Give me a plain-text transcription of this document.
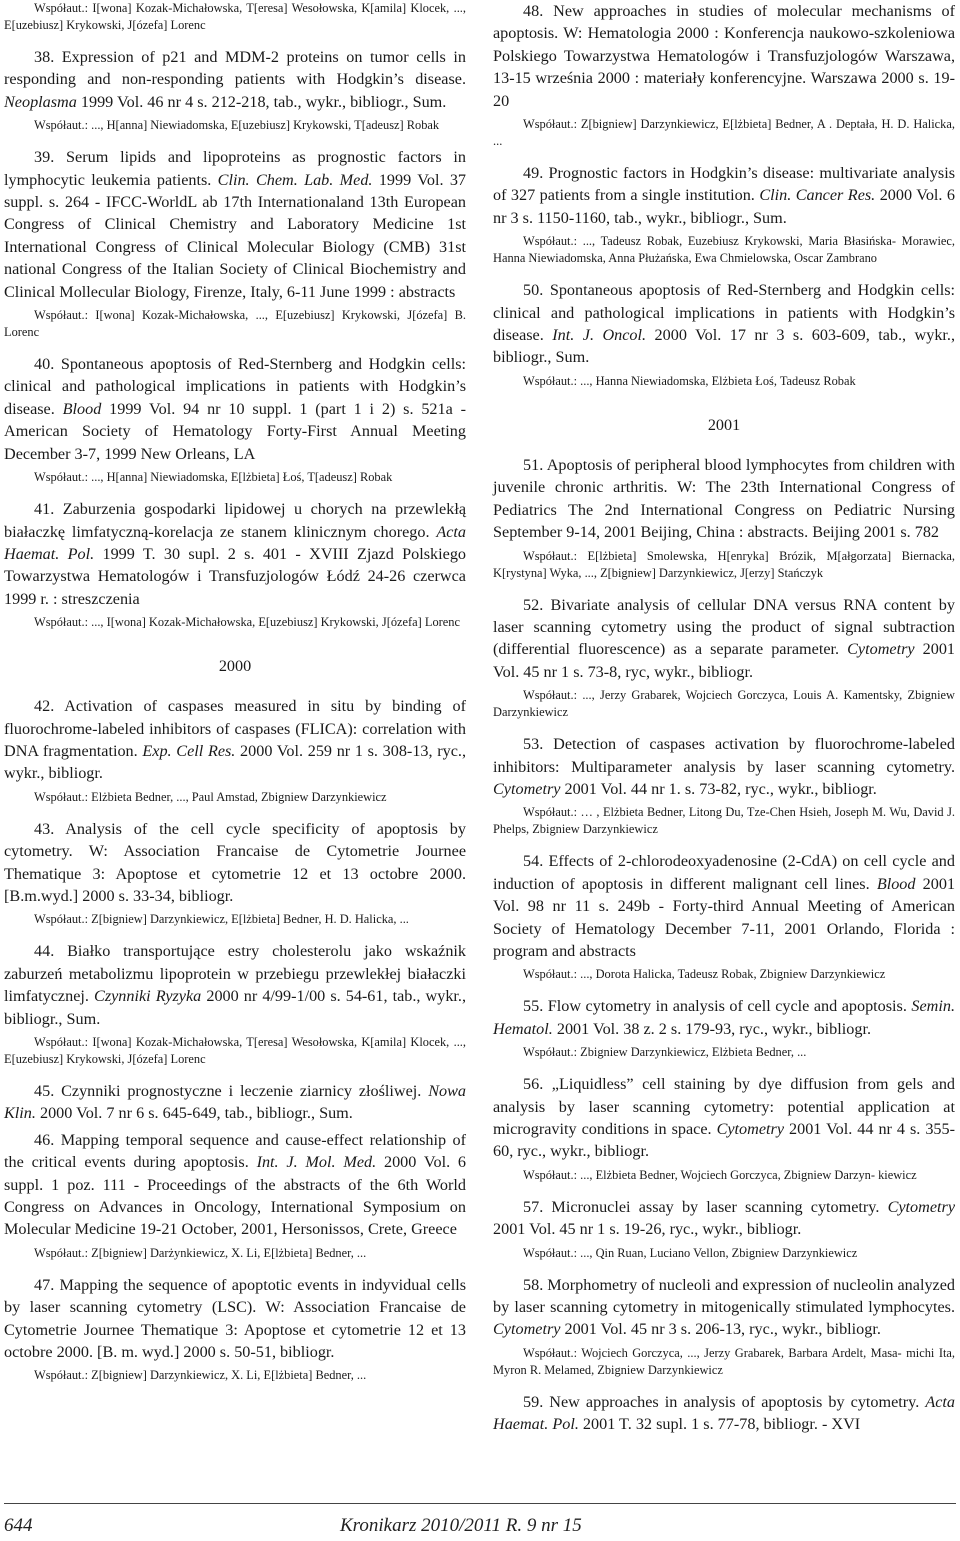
Współaut.: I[wona] Kozak-Michałowska, T[eresa] Wesołowska, K[amila] Klocek, ..., E[uzebiusz] Krykowski, J[ózefa] Lorenc

38. Expression of p21 and MDM-2 proteins on tumor cells in responding and non-responding patients with Hodgkin’s disease. Neoplasma 1999 Vol. 46 nr 4 s. 212-218, tab., wykr., bibliogr., Sum.

Współaut.: ..., H[anna] Niewiadomska, E[uzebiusz] Krykowski, T[adeusz] Robak

39. Serum lipids and lipoproteins as prognostic factors in lymphocytic leukemia patients. Clin. Chem. Lab. Med. 1999 Vol. 37 suppl. s. 264 - IFCC-WorldL ab 17th Internationaland 13th European Congress of Clinical Chemistry and Laboratory Medicine 1st International Congress of Clinical Molecular Biology (CMB) 31st national Congress of the Italian Society of Clinical Biochemistry and Clinical Mollecular Biology, Firenze, Italy, 6-11 June 1999 : abstracts

Współaut.: I[wona] Kozak-Michałowska, ..., E[uzebiusz] Krykowski, J[ózefa] B. Lorenc

40. Spontaneous apoptosis of Red-Sternberg and Hodgkin cells: clinical and pathological implications in patients with Hodgkin’s disease. Blood 1999 Vol. 94 nr 10 suppl. 1 (part 1 i 2) s. 521a - American Society of Hematology Forty-First Annual Meeting December 3-7, 1999 New Orleans, LA

Współaut.: ..., H[anna] Niewiadomska, E[lżbieta] Łoś, T[adeusz] Robak

41. Zaburzenia gospodarki lipidowej u chorych na przewlekłą białaczkę limfatyczną-korelacja ze stanem klinicznym chorego. Acta Haemat. Pol. 1999 T. 30 supl. 2 s. 401 - XVIII Zjazd Polskiego Towarzystwa Hematologów i Transfuzjologów Łódź 24-26 czerwca 1999 r. : streszczenia

Współaut.: ..., I[wona] Kozak-Michałowska, E[uzebiusz] Krykowski, J[ózefa] Lorenc

2000

42. Activation of caspases measured in situ by binding of fluorochrome-labeled inhibitors of caspases (FLICA): correlation with DNA fragmentation. Exp. Cell Res. 2000 Vol. 259 nr 1 s. 308-13, ryc., wykr., bibliogr.

Współaut.: Elżbieta Bedner, ..., Paul Amstad, Zbigniew Darzynkiewicz

43. Analysis of the cell cycle specificity of apoptosis by cytometry. W: Association Francaise de Cytometrie Journee Thematique 3: Apoptose et cytometrie 12 et 13 octobre 2000. [B.m.wyd.] 2000 s. 33-34, bibliogr.

Współaut.: Z[bigniew] Darzynkiewicz, E[lżbieta] Bedner, H. D. Halicka, ...

44. Białko transportujące estry cholesterolu jako wskaźnik zaburzeń metabolizmu lipoprotein w przebiegu przewlekłej białaczki limfatycznej. Czynniki Ryzyka 2000 nr 4/99-1/00 s. 54-61, tab., wykr., bibliogr., Sum.

Współaut.: I[wona] Kozak-Michałowska, T[eresa] Wesołowska, K[amila] Klocek, ..., E[uzebiusz] Krykowski, J[ózefa] Lorenc

45. Czynniki prognostyczne i leczenie ziarnicy złośliwej. Nowa Klin. 2000 Vol. 7 nr 6 s. 645-649, tab., bibliogr., Sum.

46. Mapping temporal sequence and cause-effect relationship of the critical events during apoptosis. Int. J. Mol. Med. 2000 Vol. 6 suppl. 1 poz. 111 - Proceedings of the abstracts of the 6th World Congress on Advances in Oncology, International Symposium on Molecular Medicine 19-21 October, 2001, Hersonissos, Crete, Greece

Współaut.: Z[bigniew] Darżynkiewicz, X. Li, E[lżbieta] Bedner, ...

47. Mapping the sequence of apoptotic events in indyvidual cells by laser scanning cytometry (LSC). W: Association Francaise de Cytometrie Journee Thematique 3: Apoptose et cytometrie 12 et 13 octobre 2000. [B. m. wyd.] 2000 s. 50-51, bibliogr.

Współaut.: Z[bigniew] Darzynkiewicz, X. Li, E[lżbieta] Bedner, ...

48. New approaches in studies of molecular mechanisms of apoptosis. W: Hematologia 2000 : Konferencja naukowo-szkoleniowa Polskiego Towarzystwa Hematologów i Transfuzjologów Warszawa, 13-15 września 2000 : materiały konferencyjne. Warszawa 2000 s. 19-20

Współaut.: Z[bigniew] Darzynkiewicz, E[lżbieta] Bedner, A . Deptała, H. D. Halicka, ...

49. Prognostic factors in Hodgkin’s disease: multivariate analysis of 327 patients from a single institution. Clin. Cancer Res. 2000 Vol. 6 nr 3 s. 1150-1160, tab., wykr., bibliogr., Sum.

Współaut.: ..., Tadeusz Robak, Euzebiusz Krykowski, Maria Błasińska- Morawiec, Hanna Niewiadomska, Anna Płużańska, Ewa Chmielowska, Oscar Zambrano

50. Spontaneous apoptosis of Red-Sternberg and Hodgkin cells: clinical and pathological implications in patients with Hodgkin’s disease. Int. J. Oncol. 2000 Vol. 17 nr 3 s. 603-609, tab., wykr., bibliogr., Sum.

Współaut.: ..., Hanna Niewiadomska, Elżbieta Łoś, Tadeusz Robak

2001

51. Apoptosis of peripheral blood lymphocytes from children with juvenile chronic arthritis. W: The 23th International Congress of Pediatrics The 2nd International Congress on Pediatric Nursing September 9-14, 2001 Beijing, China : abstracts. Beijing 2001 s. 782

Współaut.: E[lżbieta] Smolewska, H[enryka] Brózik, M[ałgorzata] Biernacka, K[rystyna] Wyka, ..., Z[bigniew] Darzynkiewicz, J[erzy] Stańczyk

52. Bivariate analysis of cellular DNA versus RNA content by laser scanning cytometry using the product of signal subtraction (differential fluorescence) as a separate parameter. Cytometry 2001 Vol. 45 nr 1 s. 73-8, ryc, wykr., bibliogr.

Współaut.: ..., Jerzy Grabarek, Wojciech Gorczyca, Louis A. Kamentsky, Zbigniew Darzynkiewicz

53. Detection of caspases activation by fluorochrome-labeled inhibitors: Multiparameter analysis by laser scanning cytometry. Cytometry 2001 Vol. 44 nr 1. s. 73-82, ryc., wykr., bibliogr.

Współaut.: … , Elżbieta Bedner, Litong Du, Tze-Chen Hsieh, Joseph M. Wu, David J. Phelps, Zbigniew Darzynkiewicz

54. Effects of 2-chlorodeoxyadenosine (2-CdA) on cell cycle and induction of apoptosis in different malignant cell lines. Blood 2001 Vol. 98 nr 11 s. 249b - Forty-third Annual Meeting of American Society of Hematology December 7-11, 2001 Orlando, Florida : program and abstracts

Współaut.: ..., Dorota Halicka, Tadeusz Robak, Zbigniew Darzynkiewicz

55. Flow cytometry in analysis of cell cycle and apoptosis. Semin. Hematol. 2001 Vol. 38 z. 2 s. 179-93, ryc., wykr., bibliogr.

Współaut.: Zbigniew Darzynkiewicz, Elżbieta Bedner, ...

56. „Liquidless” cell staining by dye diffusion from gels and analysis by laser scanning cytometry: potential application at microgravity conditions in space. Cytometry 2001 Vol. 44 nr 4 s. 355-60, ryc., wykr., bibliogr.

Współaut.: ..., Elżbieta Bedner, Wojciech Gorczyca, Zbigniew Darzyn- kiewicz

57. Micronuclei assay by laser scanning cytometry. Cytometry 2001 Vol. 45 nr 1 s. 19-26, ryc., wykr., bibliogr.

Współaut.: ..., Qin Ruan, Luciano Vellon, Zbigniew Darzynkiewicz

58. Morphometry of nucleoli and expression of nucleolin analyzed by laser scanning cytometry in mitogenically stimulated lymphocytes. Cytometry 2001 Vol. 45 nr 3 s. 206-13, ryc., wykr., bibliogr.

Współaut.: Wojciech Gorczyca, ..., Jerzy Grabarek, Barbara Ardelt, Masa- michi Ita, Myron R. Melamed, Zbigniew Darzynkiewicz

59. New approaches in analysis of apoptosis by cytometry. Acta Haemat. Pol. 2001 T. 32 supl. 1 s. 77-78, bibliogr. - XVI

644	Kronikarz 2010/2011 R. 9 nr 15
